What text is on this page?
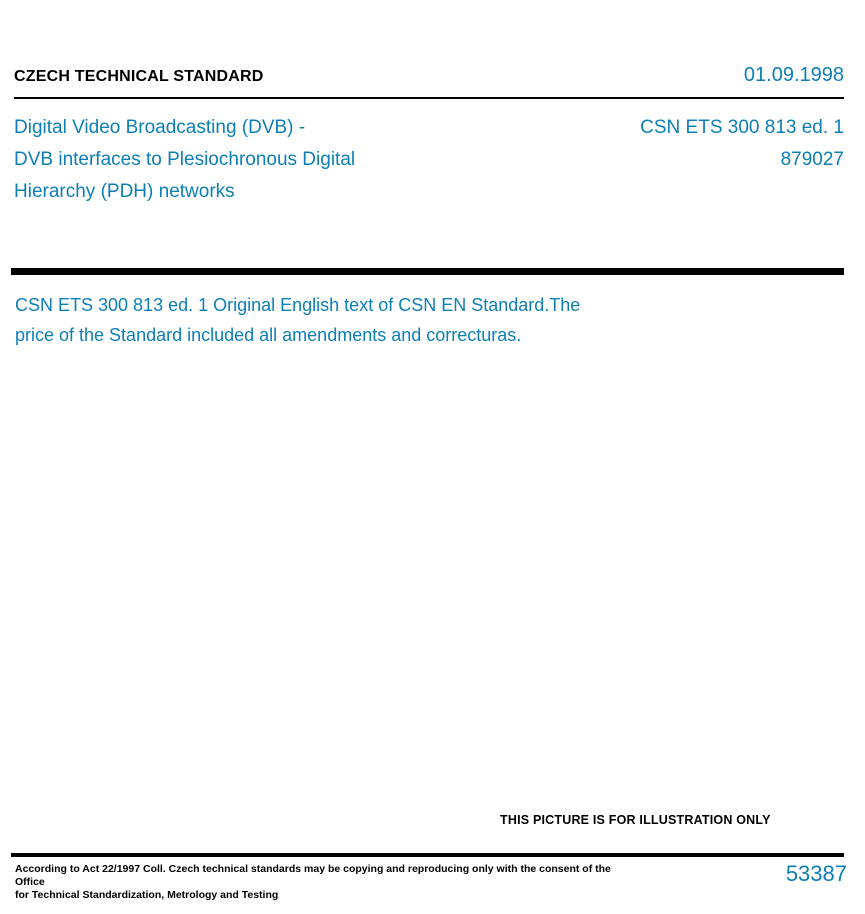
CZECH TECHNICAL STANDARD	01.09.1998
Digital Video Broadcasting (DVB) -
DVB interfaces to Plesiochronous Digital
Hierarchy (PDH) networks
CSN ETS 300 813 ed. 1
879027
CSN ETS 300 813 ed. 1 Original English text of CSN EN Standard.The
price of the Standard included all amendments and correcturas.
THIS PICTURE IS FOR ILLUSTRATION ONLY
According to Act 22/1997 Coll. Czech technical standards may be copying and reproducing only with the consent of the Office
for Technical Standardization, Metrology and Testing
53387
